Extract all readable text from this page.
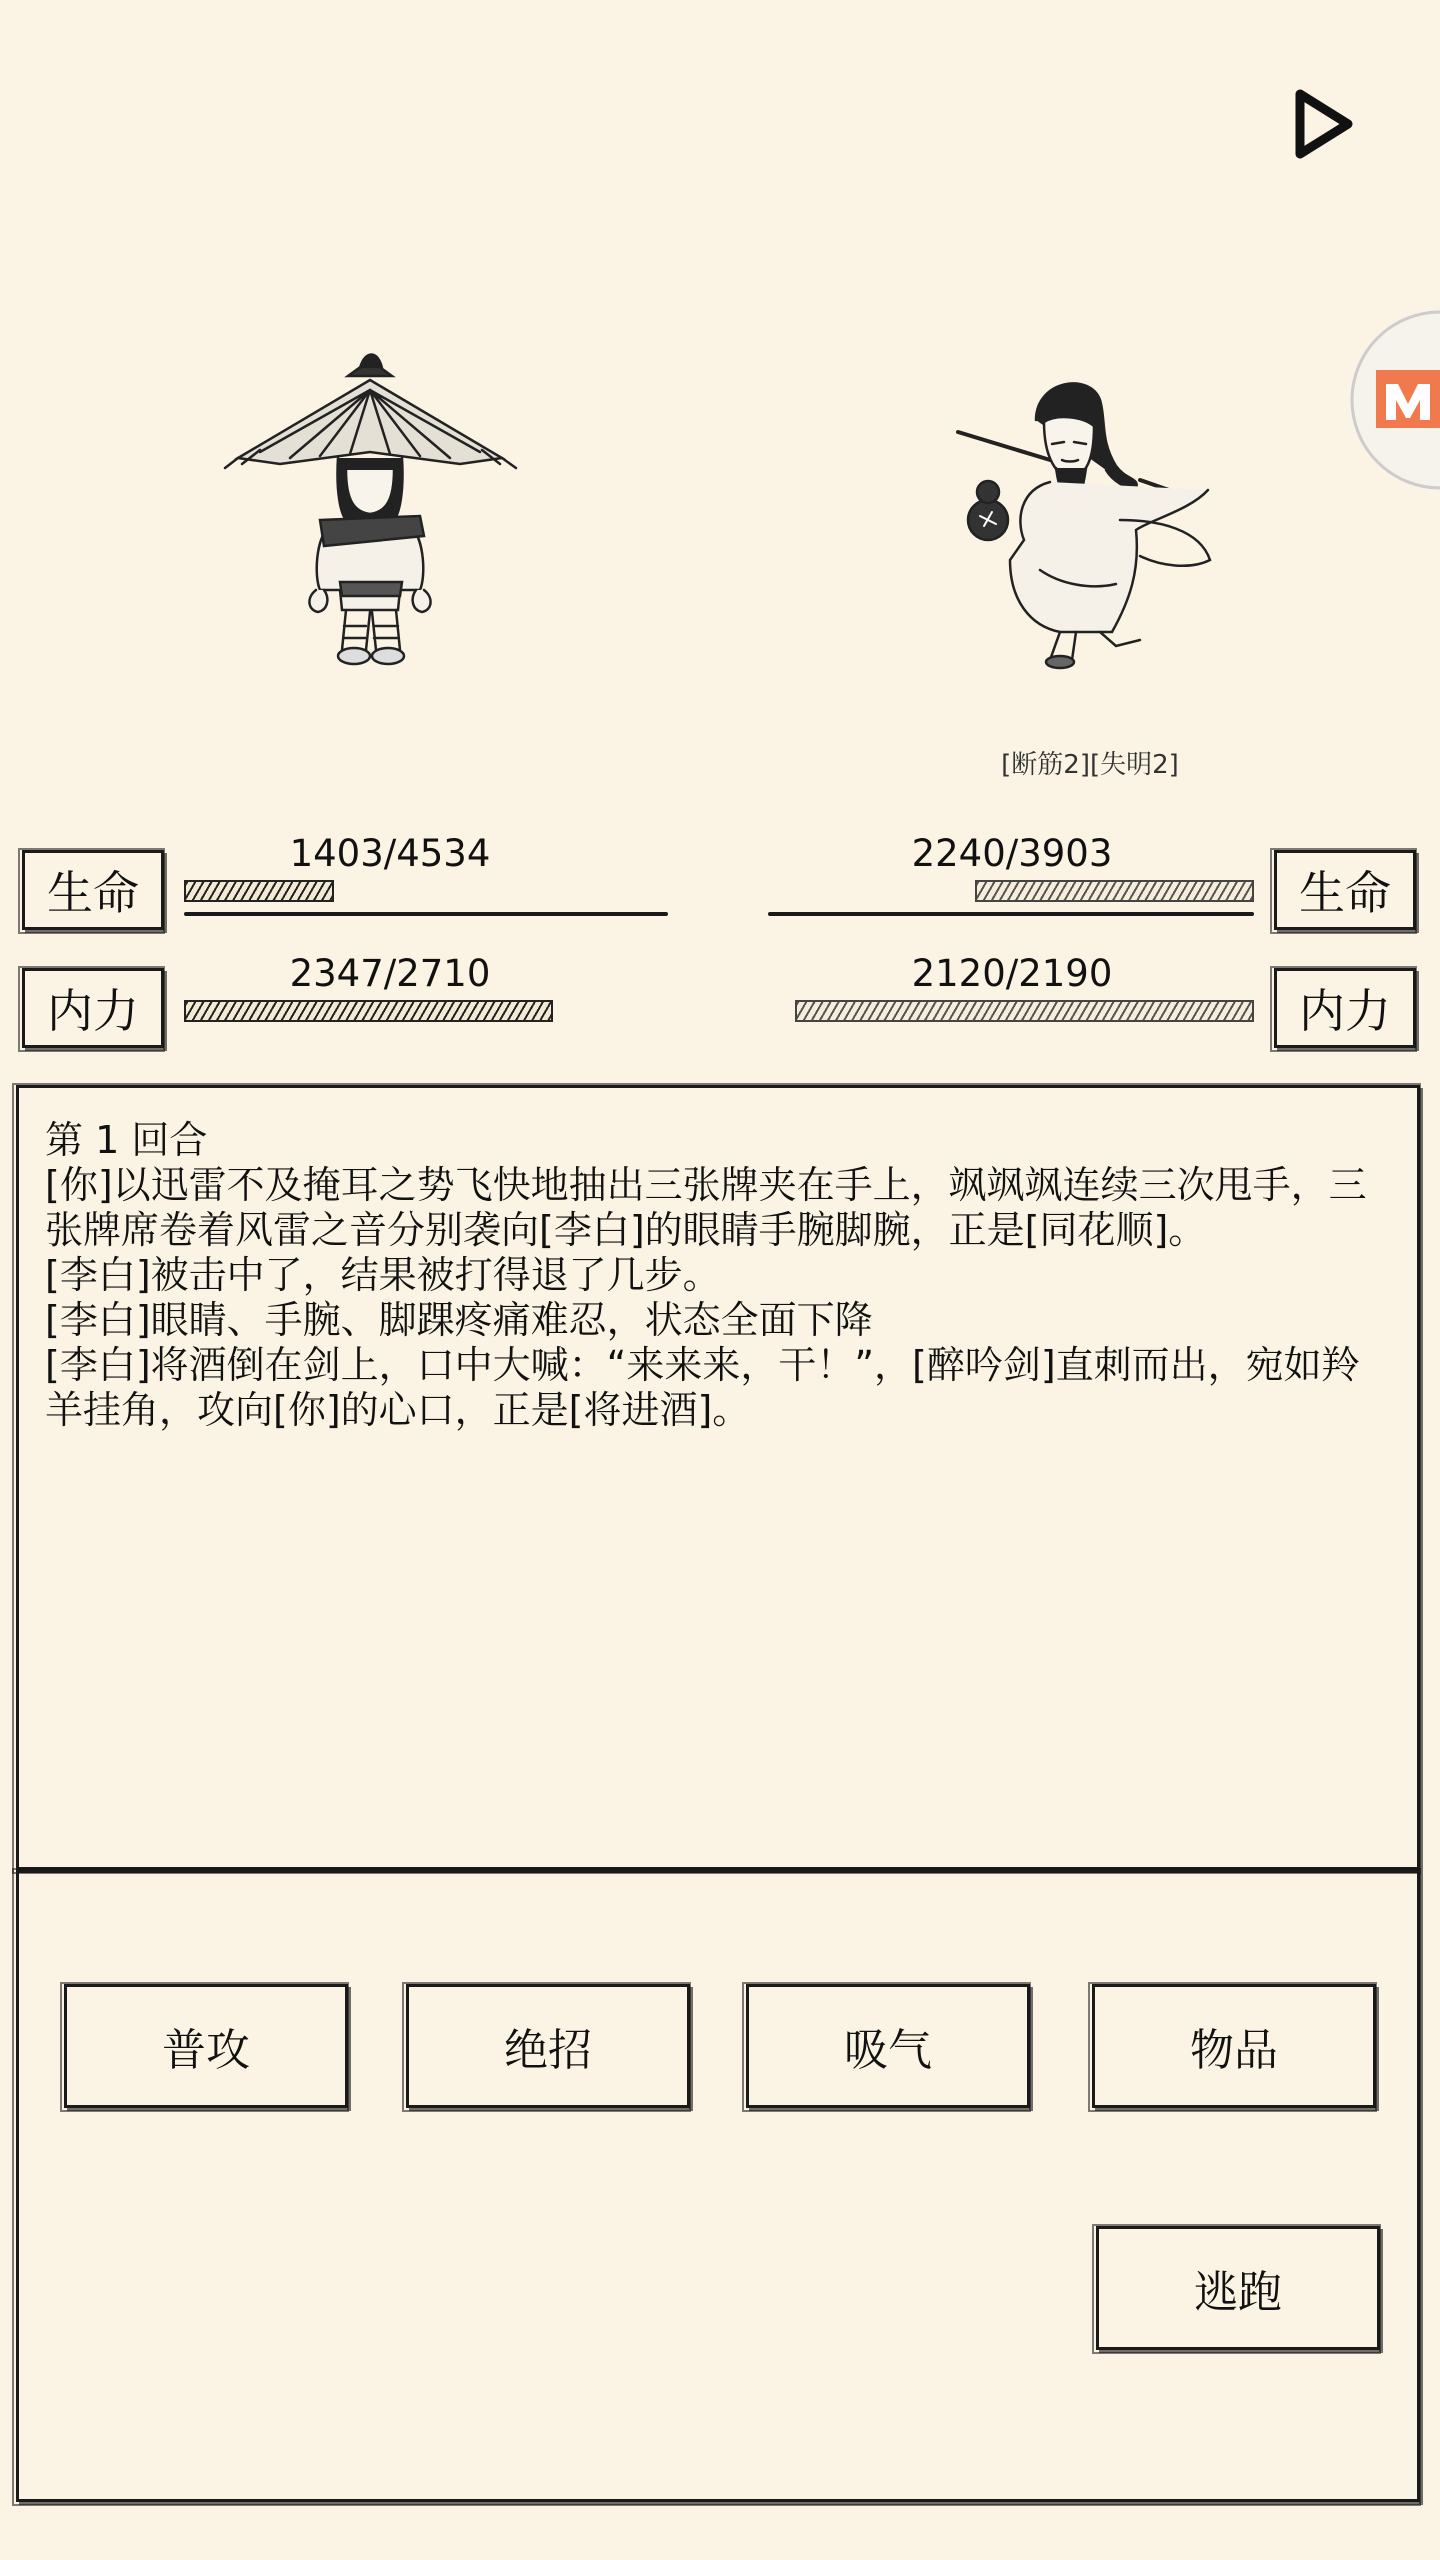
[断筋2][失明2]
生命
1403/4534
内力
2347/2710
生命
2240/3903
内力
2120/2190

第 1 回合

[你]以迅雷不及掩耳之势飞快地抽出三张牌夹在手上，飒飒飒连续三次甩手，三张牌席卷着风雷之音分别袭向[李白]的眼睛手腕脚腕，正是[同花顺]。

[李白]被击中了，结果被打得退了几步。

[李白]眼睛、手腕、脚踝疼痛难忍，状态全面下降

[李白]将酒倒在剑上，口中大喊：“来来来，干！”，[醉吟剑]直刺而出，宛如羚羊挂角，攻向[你]的心口，正是[将进酒]。

普攻	绝招	吸气	物品
逃跑
